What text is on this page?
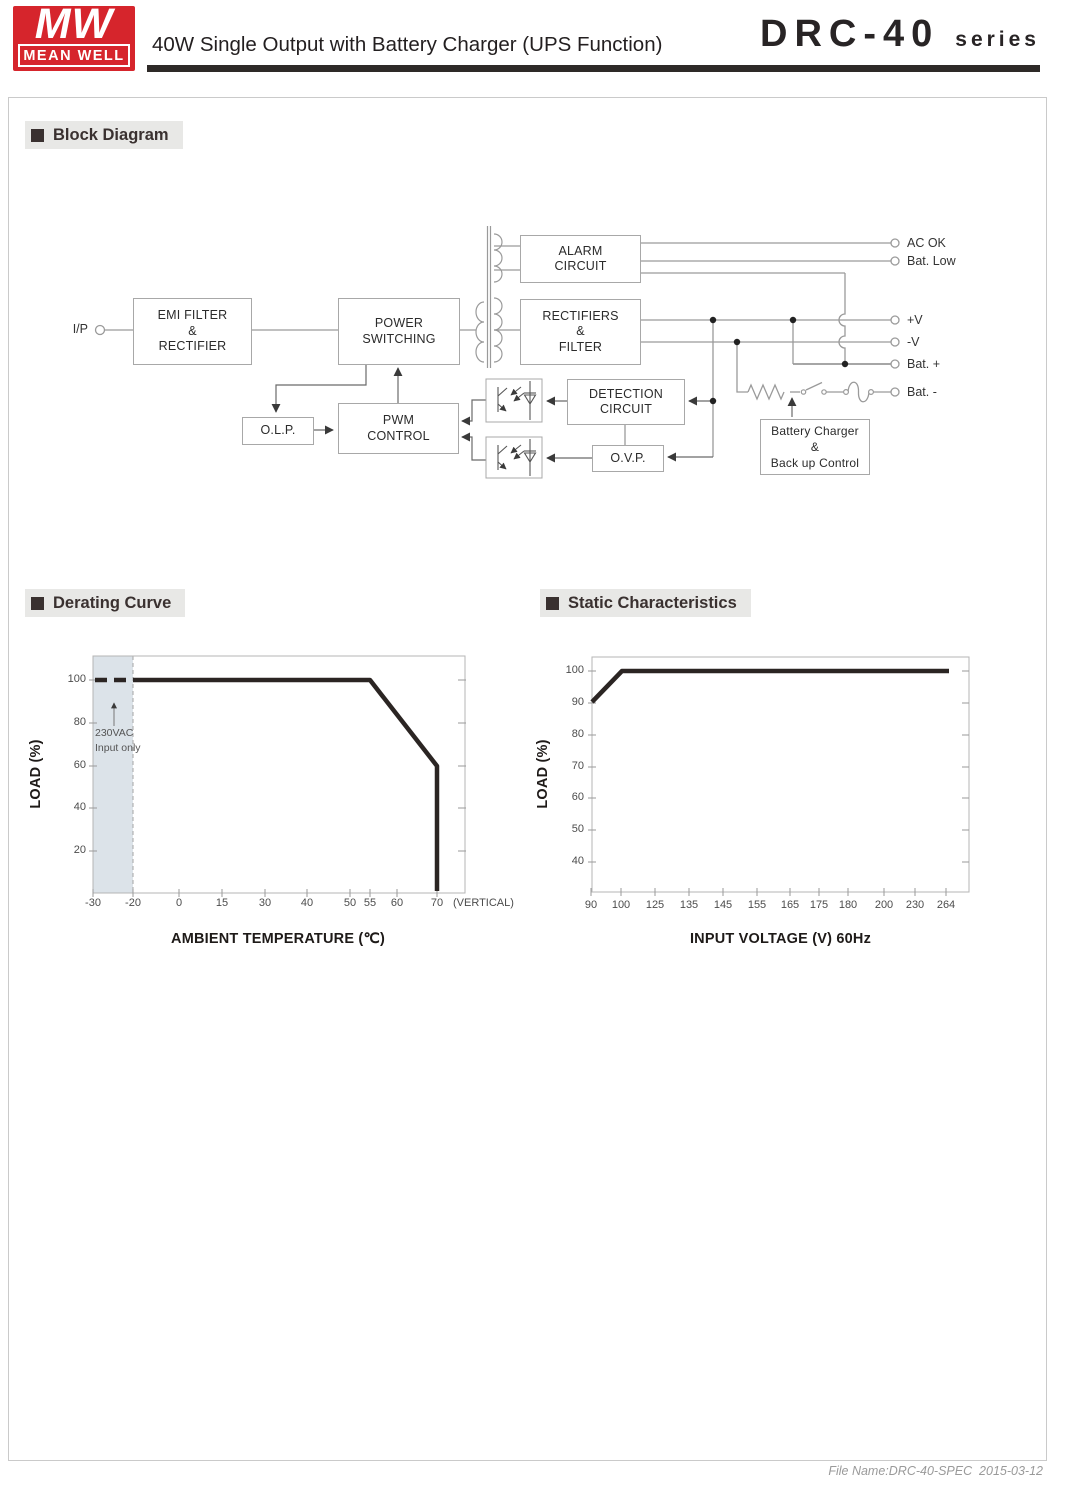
MW
MEAN WELL 40W Single Output with Battery Charger (UPS Function)	DRC-40 series
Block Diagram
Derating Curve	Static Characteristics
I/P
EMI FILTER
&
RECTIFIER
POWER
SWITCHING
ALARM
CIRCUIT
RECTIFIERS
&
FILTER
DETECTION
CIRCUIT
O.L.P.
PWM
CONTROL
O.V.P.
Battery Charger
&
Back up Control
AC OK
Bat. Low
+V
-V
Bat. +
Bat. -
100
80
60
40
20
-30 -20	0	15	30	40	50 55 60	70 (VERTICAL)
230VAC
Input only
AMBIENT TEMPERATURE (℃)
LOAD (%)
100
90
80
70
60
50
40
90 100 125 135 145 155 165 175 180 200 230 264
INPUT VOLTAGE (V) 60Hz
LOAD (%)
File Name:DRC-40-SPEC  2015-03-12
